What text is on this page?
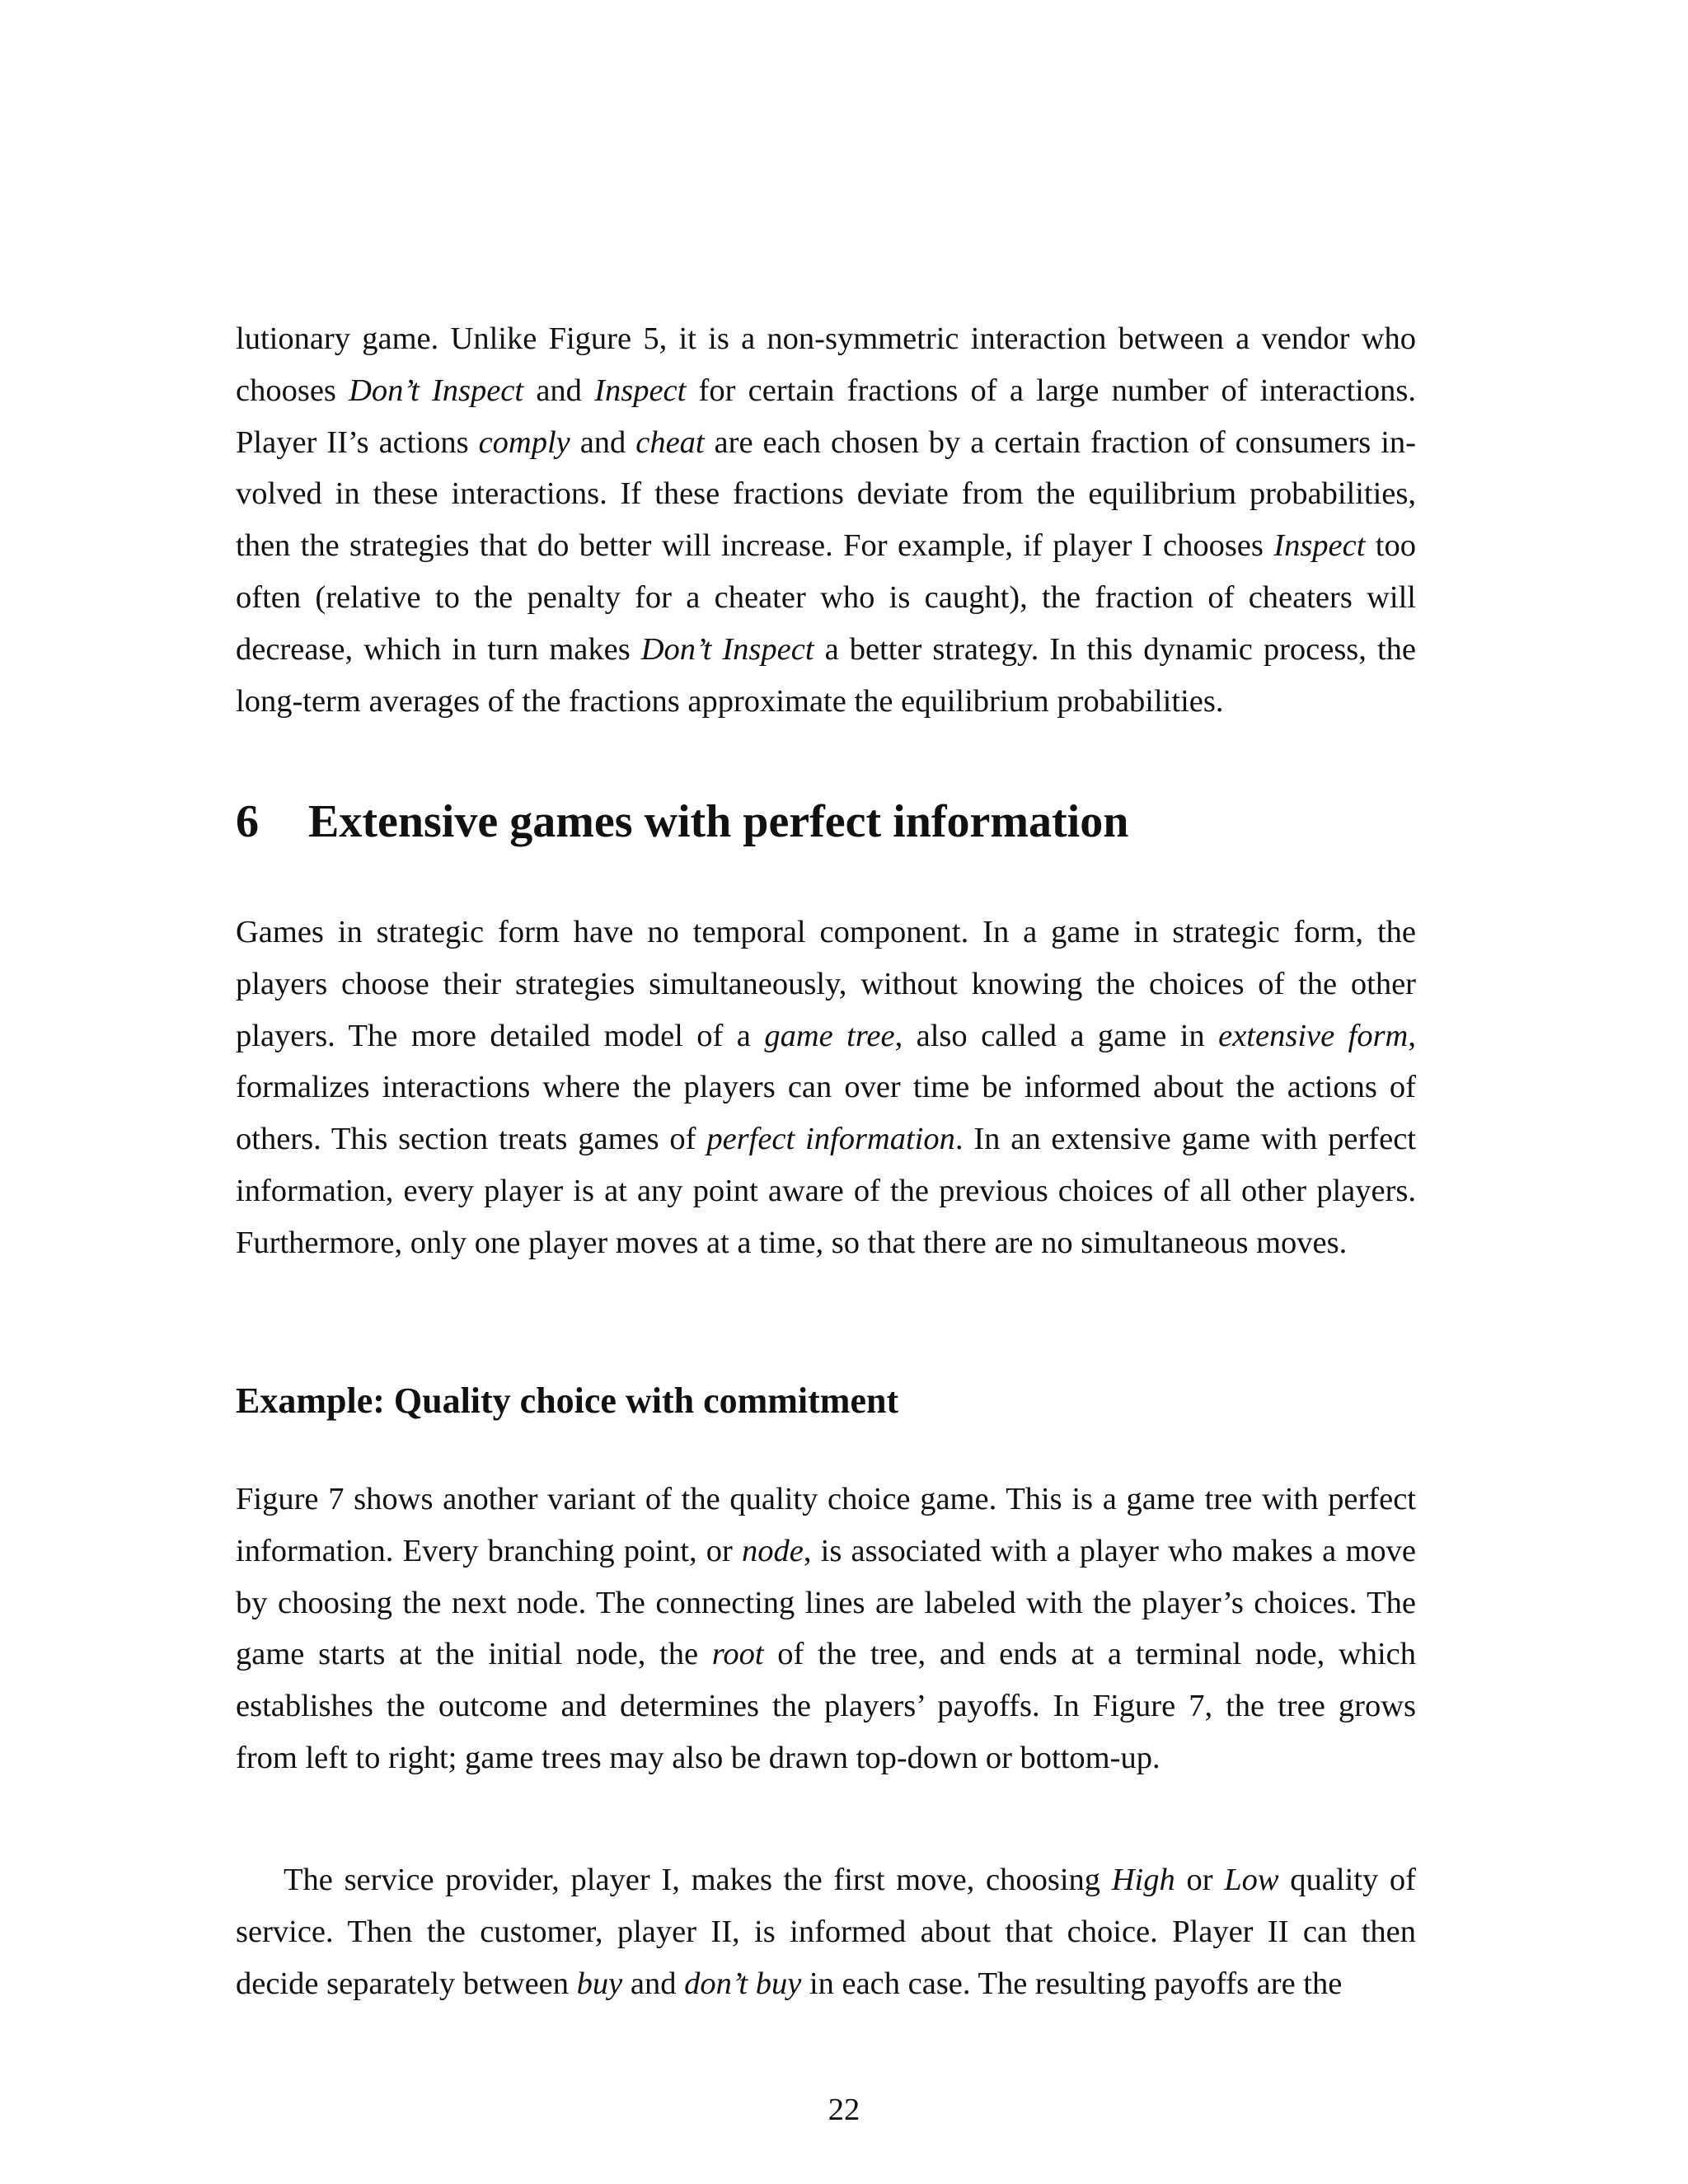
lutionary game. Unlike Figure 5, it is a non-symmetric interaction between a vendor who chooses Don’t Inspect and Inspect for certain fractions of a large number of interactions. Player II’s actions comply and cheat are each chosen by a certain fraction of consumers involved in these interactions. If these fractions deviate from the equilibrium probabilities, then the strategies that do better will increase. For example, if player I chooses Inspect too often (relative to the penalty for a cheater who is caught), the fraction of cheaters will decrease, which in turn makes Don’t Inspect a better strategy. In this dynamic process, the long-term averages of the fractions approximate the equilibrium probabilities.

6 Extensive games with perfect information

Games in strategic form have no temporal component. In a game in strategic form, the players choose their strategies simultaneously, without knowing the choices of the other players. The more detailed model of a game tree, also called a game in extensive form, formalizes interactions where the players can over time be informed about the actions of others. This section treats games of perfect information. In an extensive game with perfect information, every player is at any point aware of the previous choices of all other players. Furthermore, only one player moves at a time, so that there are no simultaneous moves.

Example: Quality choice with commitment

Figure 7 shows another variant of the quality choice game. This is a game tree with perfect information. Every branching point, or node, is associated with a player who makes a move by choosing the next node. The connecting lines are labeled with the player’s choices. The game starts at the initial node, the root of the tree, and ends at a terminal node, which establishes the outcome and determines the players’ payoffs. In Figure 7, the tree grows from left to right; game trees may also be drawn top-down or bottom-up.

The service provider, player I, makes the first move, choosing High or Low quality of service. Then the customer, player II, is informed about that choice. Player II can then decide separately between buy and don’t buy in each case. The resulting payoffs are the

22
